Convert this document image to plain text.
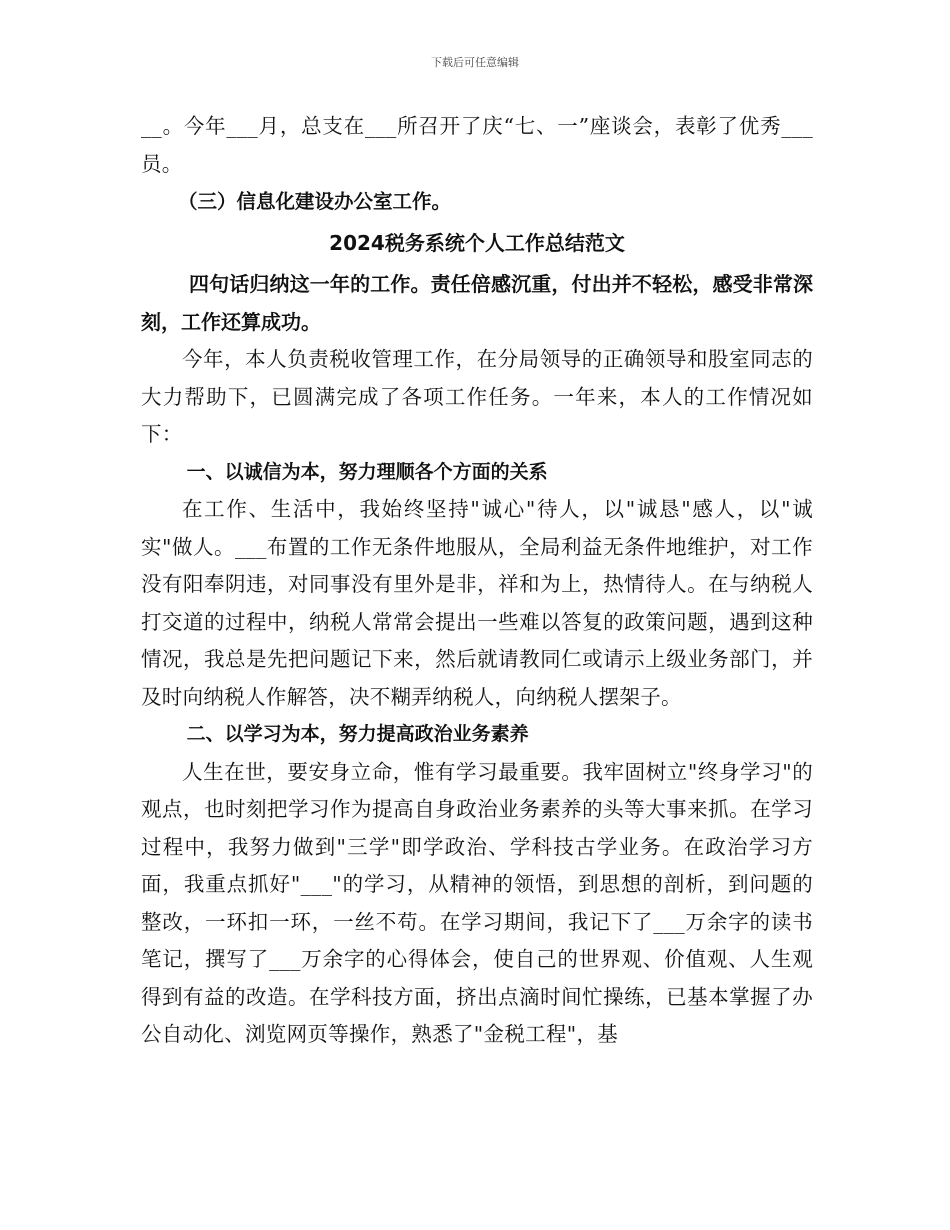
下载后可任意编辑

__。今年___月，总支在___所召开了庆“七、一”座谈会，表彰了优秀___员。

（三）信息化建设办公室工作。

2024税务系统个人工作总结范文

四句话归纳这一年的工作。责任倍感沉重，付出并不轻松，感受非常深刻，工作还算成功。

今年，本人负责税收管理工作，在分局领导的正确领导和股室同志的大力帮助下，已圆满完成了各项工作任务。一年来，本人的工作情况如下：

一、以诚信为本，努力理顺各个方面的关系

在工作、生活中，我始终坚持"诚心"待人，以"诚恳"感人，以"诚实"做人。___布置的工作无条件地服从，全局利益无条件地维护，对工作没有阳奉阴违，对同事没有里外是非，祥和为上，热情待人。在与纳税人打交道的过程中，纳税人常常会提出一些难以答复的政策问题，遇到这种情况，我总是先把问题记下来，然后就请教同仁或请示上级业务部门，并及时向纳税人作解答，决不糊弄纳税人，向纳税人摆架子。

二、以学习为本，努力提高政治业务素养

人生在世，要安身立命，惟有学习最重要。我牢固树立"终身学习"的观点，也时刻把学习作为提高自身政治业务素养的头等大事来抓。在学习过程中，我努力做到"三学"即学政治、学科技古学业务。在政治学习方面，我重点抓好"___"的学习，从精神的领悟，到思想的剖析，到问题的整改，一环扣一环，一丝不苟。在学习期间，我记下了___万余字的读书笔记，撰写了___万余字的心得体会，使自己的世界观、价值观、人生观得到有益的改造。在学科技方面，挤出点滴时间忙操练，已基本掌握了办公自动化、浏览网页等操作，熟悉了"金税工程"，基
